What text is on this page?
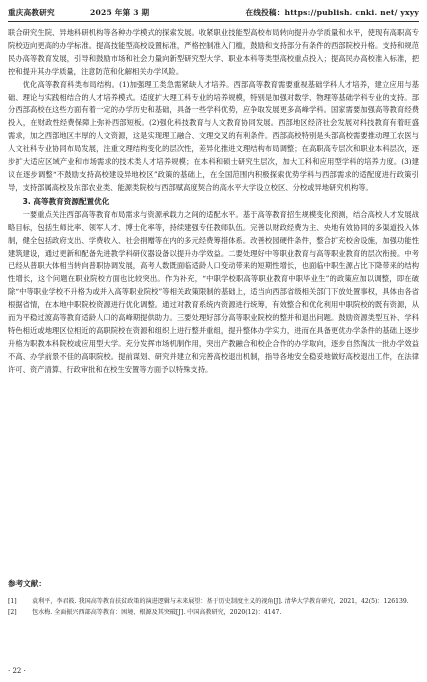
重庆高教研究	2025 年第 3 期	在线投稿：https://publish. cnki. net/ yxyy

联合研究生院、异地科研机构等各种办学模式的探索发展。收紧职业技能型高校布局转向提升办学质量和水平，使现有高职高专院校迈向更高的办学标准。提高技能型高校设置标准，严格控制准入门槛，鼓励和支持部分有条件的西部院校升格。支持和规范民办高等教育发展，引导和鼓励市场和社会力量向新型研究型大学、职业本科等类型高校重点投入；提高民办高校准入标准，把控和提升其办学质量，注意防范和化解相关办学风险。

优化高等教育科类布局结构。(1)加强理工类急需紧缺人才培养。西部高等教育需要重视基础学科人才培养，建立应用与基础、理论与实践相结合的人才培养模式。适度扩大理工科专业的培养规模，特别是加强对数学、物理等基础学科专业的支持。部分西部高校在这些方面有着一定的办学历史和基础，具备一些学科优势，应争取发展更多高峰学科。国家需要加强高等教育经费投入，在财政性经费保障上弥补西部短板。(2)强化科技教育与人文教育协同发展。西部地区经济社会发展对科技教育有着旺盛需求，加之西部地区丰厚的人文资源，这是实现理工融合、文理交叉的有利条件。西部高校特别是头部高校需要推动理工农医与人文社科专业协同布局发展，注重文理结构变化的层次性，差异化推进文理结构布局调整；在高职高专层次和职业本科层次，逐步扩大适应区域产业和市场需求的技术类人才培养规模；在本科和硕士研究生层次，加大工科和应用型学科的培养力度。(3)建议在逐步调整“不鼓励支持高校建设异地校区”政策的基础上，在全国范围内积极探索优势学科与西部需求的适配度进行政策引导，支持部属高校及东部农业类、能源类院校与西部赋高度契合的高水平大学设立校区、分校或异地研究机构等。

3. 高等教育资源配置优化

一要重点关注西部高等教育布局需求与资源承载力之间的适配水平。基于高等教育招生规模变化预测，结合高校人才发展战略目标，包括生师比率、领军人才、博士化率等，持续建强专任教师队伍。完善以财政经费为主、央地有效协同的多渠道投入体制，健全包括政府支出、学费收入、社会捐赠等在内的多元经费筹措体系。改善校园硬件条件，整合扩充校舍设施，加强功能性建筑建设，通过更新和配备先进教学科研仪器设备以提升办学效益。二要处理好中等职业教育与高等职业教育的层次衔接。中考已经从普职大体相当转向普职协调发展，高考人数既面临适龄人口变动带来的短期性增长，也面临中职生源占比下降带来的结构性增长，这个问题在职业院校方面也比较突出。作为补充，“中职学校职高等职业教育中职毕业生”的政策应加以调整，即在破除“中等职业学校不升格为或并入高等职业院校”等相关政策限制的基础上，适当向西部省级相关部门下放处置事权，具体由各省根据省情，在本地中职院校资源进行优化调整。通过对教育系统内资源进行统筹，有效整合和优化利用中职院校的既有资源，从而为平稳过渡高等教育适龄人口的高峰期提供助力。三要处理好部分高等职业院校的整并和退出问题。鼓励资源类型互补、学科特色相近或地理区位相近的高职院校在资源和组织上进行整并重组，提升整体办学实力，进而在具备更优办学条件的基础上逐步升格为职教本科院校或应用型大学。充分发挥市场机制作用，突出产教融合和校企合作的办学取向，逐步自然淘汰一批办学效益不高、办学前景不佳的高职院校。提前谋划、研究并建立和完善高校退出机制，指导各地安全稳妥地做好高校退出工作，在法律许可、资产清算、行政审批和在校生安置等方面予以特殊支持。

参考文献：
[1]	袁利平，李君筱. 我国高等教育扶贫政策的演进逻辑与未来展望：基于历史制度主义的视角[J]. 清华大学教育研究，2021，42(5)：126139.
[2]	包水梅. 全面振兴西部高等教育：困境、根源及其突破[J]. 中国高教研究，2020(12)：4147.
· 22 ·
